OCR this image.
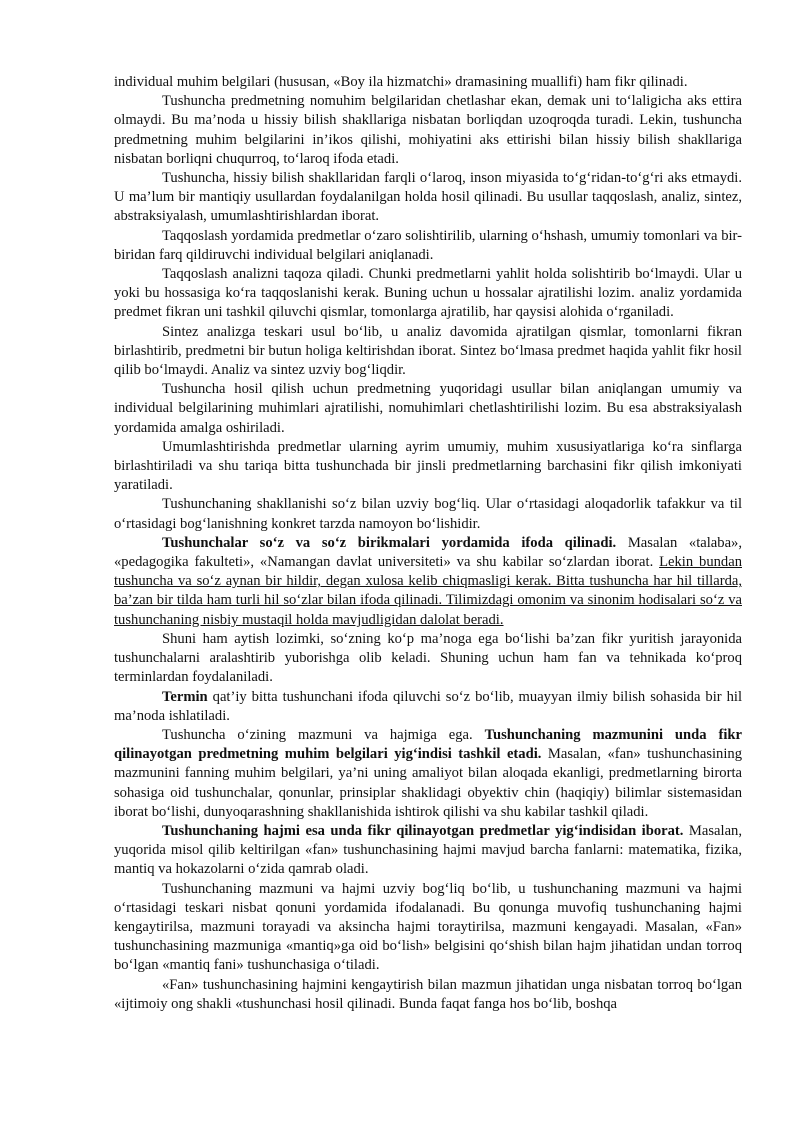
individual muhim belgilari (hususan, «Boy ila hizmatchi» dramasining muallifi) ham fikr qilinadi.

Tushuncha predmetning nomuhim belgilaridan chetlashar ekan, demak uni to‘laligicha aks ettira olmaydi. Bu ma’noda u hissiy bilish shakllariga nisbatan borliqdan uzoqroqda turadi. Lekin, tushuncha predmetning muhim belgilarini in’ikos qilishi, mohiyatini aks ettirishi bilan hissiy bilish shakllariga nisbatan borliqni chuqurroq, to‘laroq ifoda etadi.

Tushuncha, hissiy bilish shakllaridan farqli o‘laroq, inson miyasida to‘g‘ridan-to‘g‘ri aks etmaydi. U ma’lum bir mantiqiy usullardan foydalanilgan holda hosil qilinadi. Bu usullar taqqoslash, analiz, sintez, abstraksiyalash, umumlashtirishlardan iborat.

Taqqoslash yordamida predmetlar o‘zaro solishtirilib, ularning o‘hshash, umumiy tomonlari va bir-biridan farq qildiruvchi individual belgilari aniqlanadi.

Taqqoslash analizni taqoza qiladi. Chunki predmetlarni yahlit holda solishtirib bo‘lmaydi. Ular u yoki bu hossasiga ko‘ra taqqoslanishi kerak. Buning uchun u hossalar ajratilishi lozim. analiz yordamida predmet fikran uni tashkil qiluvchi qismlar, tomonlarga ajratilib, har qaysisi alohida o‘rganiladi.

Sintez analizga teskari usul bo‘lib, u analiz davomida ajratilgan qismlar, tomonlarni fikran birlashtirib, predmetni bir butun holiga keltirishdan iborat. Sintez bo‘lmasa predmet haqida yahlit fikr hosil qilib bo‘lmaydi. Analiz va sintez uzviy bog‘liqdir.

Tushuncha hosil qilish uchun predmetning yuqoridagi usullar bilan aniqlangan umumiy va individual belgilarining muhimlari ajratilishi, nomuhimlari chetlashtirilishi lozim. Bu esa abstraksiyalash yordamida amalga oshiriladi.

Umumlashtirishda predmetlar ularning ayrim umumiy, muhim xususiyatlariga ko‘ra sinflarga birlashtiriladi va shu tariqa bitta tushunchada bir jinsli predmetlarning barchasini fikr qilish imkoniyati yaratiladi.

Tushunchaning shakllanishi so‘z bilan uzviy bog‘liq. Ular o‘rtasidagi aloqadorlik tafakkur va til o‘rtasidagi bog‘lanishning konkret tarzda namoyon bo‘lishidir.

Tushunchalar so‘z va so‘z birikmalari yordamida ifoda qilinadi. Masalan «talaba», «pedagogika fakulteti», «Namangan davlat universiteti» va shu kabilar so‘zlardan iborat. Lekin bundan tushuncha va so‘z aynan bir hildir, degan xulosa kelib chiqmasligi kerak. Bitta tushuncha har hil tillarda, ba’zan bir tilda ham turli hil so‘zlar bilan ifoda qilinadi. Tilimizdagi omonim va sinonim hodisalari so‘z va tushunchaning nisbiy mustaqil holda mavjudligidan dalolat beradi.

Shuni ham aytish lozimki, so‘zning ko‘p ma’noga ega bo‘lishi ba’zan fikr yuritish jarayonida tushunchalarni aralashtirib yuborishga olib keladi. Shuning uchun ham fan va tehnikada ko‘proq terminlardan foydalaniladi.

Termin qat’iy bitta tushunchani ifoda qiluvchi so‘z bo‘lib, muayyan ilmiy bilish sohasida bir hil ma’noda ishlatiladi.

Tushuncha o‘zining mazmuni va hajmiga ega. Tushunchaning mazmunini unda fikr qilinayotgan predmetning muhim belgilari yig‘indisi tashkil etadi. Masalan, «fan» tushunchasining mazmunini fanning muhim belgilari, ya’ni uning amaliyot bilan aloqada ekanligi, predmetlarning birorta sohasiga oid tushunchalar, qonunlar, prinsiplar shaklidagi obyektiv chin (haqiqiy) bilimlar sistemasidan iborat bo‘lishi, dunyoqarashning shakllanishida ishtirok qilishi va shu kabilar tashkil qiladi.

Tushunchaning hajmi esa unda fikr qilinayotgan predmetlar yig‘indisidan iborat. Masalan, yuqorida misol qilib keltirilgan «fan» tushunchasining hajmi mavjud barcha fanlarni: matematika, fizika, mantiq va hokazolarni o‘zida qamrab oladi.

Tushunchaning mazmuni va hajmi uzviy bog‘liq bo‘lib, u tushunchaning mazmuni va hajmi o‘rtasidagi teskari nisbat qonuni yordamida ifodalanadi. Bu qonunga muvofiq tushunchaning hajmi kengaytirilsa, mazmuni torayadi va aksincha hajmi toraytirilsa, mazmuni kengayadi. Masalan, «Fan» tushunchasining mazmuniga «mantiq»ga oid bo‘lish» belgisini qo‘shish bilan hajm jihatidan undan torroq bo‘lgan «mantiq fani» tushunchasiga o‘tiladi.

«Fan» tushunchasining hajmini kengaytirish bilan mazmun jihatidan unga nisbatan torroq bo‘lgan «ijtimoiy ong shakli «tushunchasi hosil qilinadi. Bunda faqat fanga hos bo‘lib, boshqa
